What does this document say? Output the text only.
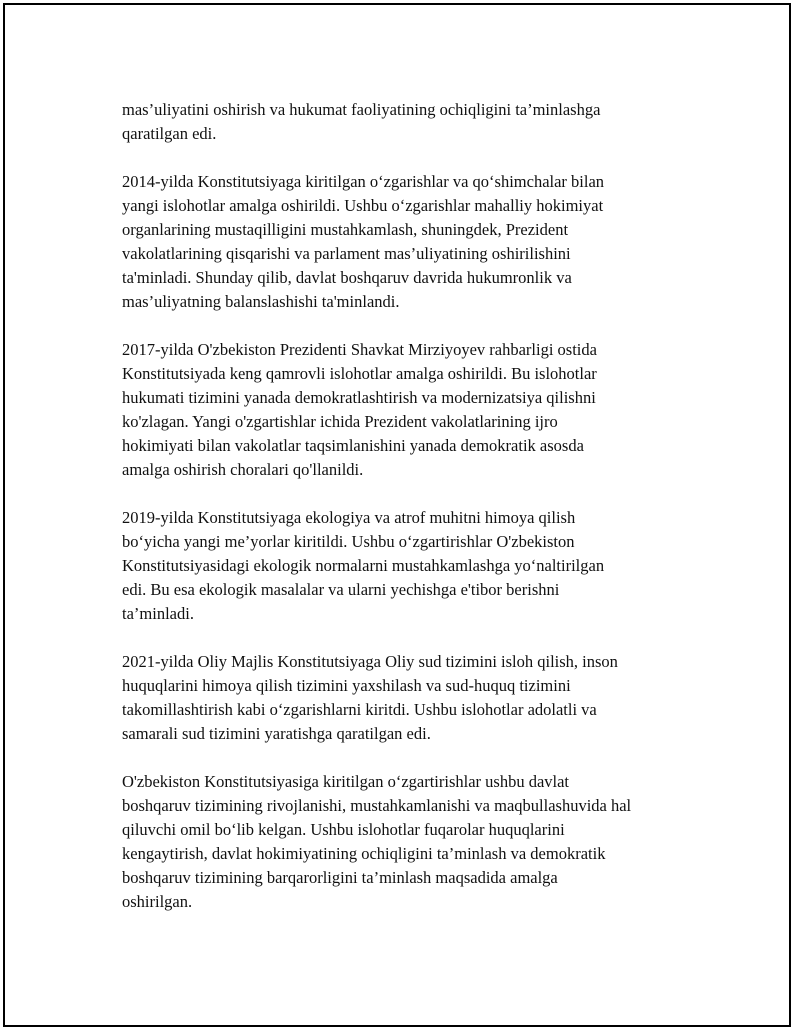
mas’uliyatini oshirish va hukumat faoliyatining ochiqligini ta’minlashga
qaratilgan edi.

2014-yilda Konstitutsiyaga kiritilgan o‘zgarishlar va qo‘shimchalar bilan
yangi islohotlar amalga oshirildi. Ushbu o‘zgarishlar mahalliy hokimiyat
organlarining mustaqilligini mustahkamlash, shuningdek, Prezident
vakolatlarining qisqarishi va parlament mas’uliyatining oshirilishini
ta'minladi. Shunday qilib, davlat boshqaruv davrida hukumronlik va
mas’uliyatning balanslashishi ta'minlandi.

2017-yilda O'zbekiston Prezidenti Shavkat Mirziyoyev rahbarligi ostida
Konstitutsiyada keng qamrovli islohotlar amalga oshirildi. Bu islohotlar
hukumati tizimini yanada demokratlashtirish va modernizatsiya qilishni
ko'zlagan. Yangi o'zgartishlar ichida Prezident vakolatlarining ijro
hokimiyati bilan vakolatlar taqsimlanishini yanada demokratik asosda
amalga oshirish choralari qo'llanildi.

2019-yilda Konstitutsiyaga ekologiya va atrof muhitni himoya qilish
bo‘yicha yangi me’yorlar kiritildi. Ushbu o‘zgartirishlar O'zbekiston
Konstitutsiyasidagi ekologik normalarni mustahkamlashga yo‘naltirilgan
edi. Bu esa ekologik masalalar va ularni yechishga e'tibor berishni
ta’minladi.

2021-yilda Oliy Majlis Konstitutsiyaga Oliy sud tizimini isloh qilish, inson
huquqlarini himoya qilish tizimini yaxshilash va sud-huquq tizimini
takomillashtirish kabi o‘zgarishlarni kiritdi. Ushbu islohotlar adolatli va
samarali sud tizimini yaratishga qaratilgan edi.

O'zbekiston Konstitutsiyasiga kiritilgan o‘zgartirishlar ushbu davlat
boshqaruv tizimining rivojlanishi, mustahkamlanishi va maqbullashuvida hal
qiluvchi omil bo‘lib kelgan. Ushbu islohotlar fuqarolar huquqlarini
kengaytirish, davlat hokimiyatining ochiqligini ta’minlash va demokratik
boshqaruv tizimining barqarorligini ta’minlash maqsadida amalga
oshirilgan.
